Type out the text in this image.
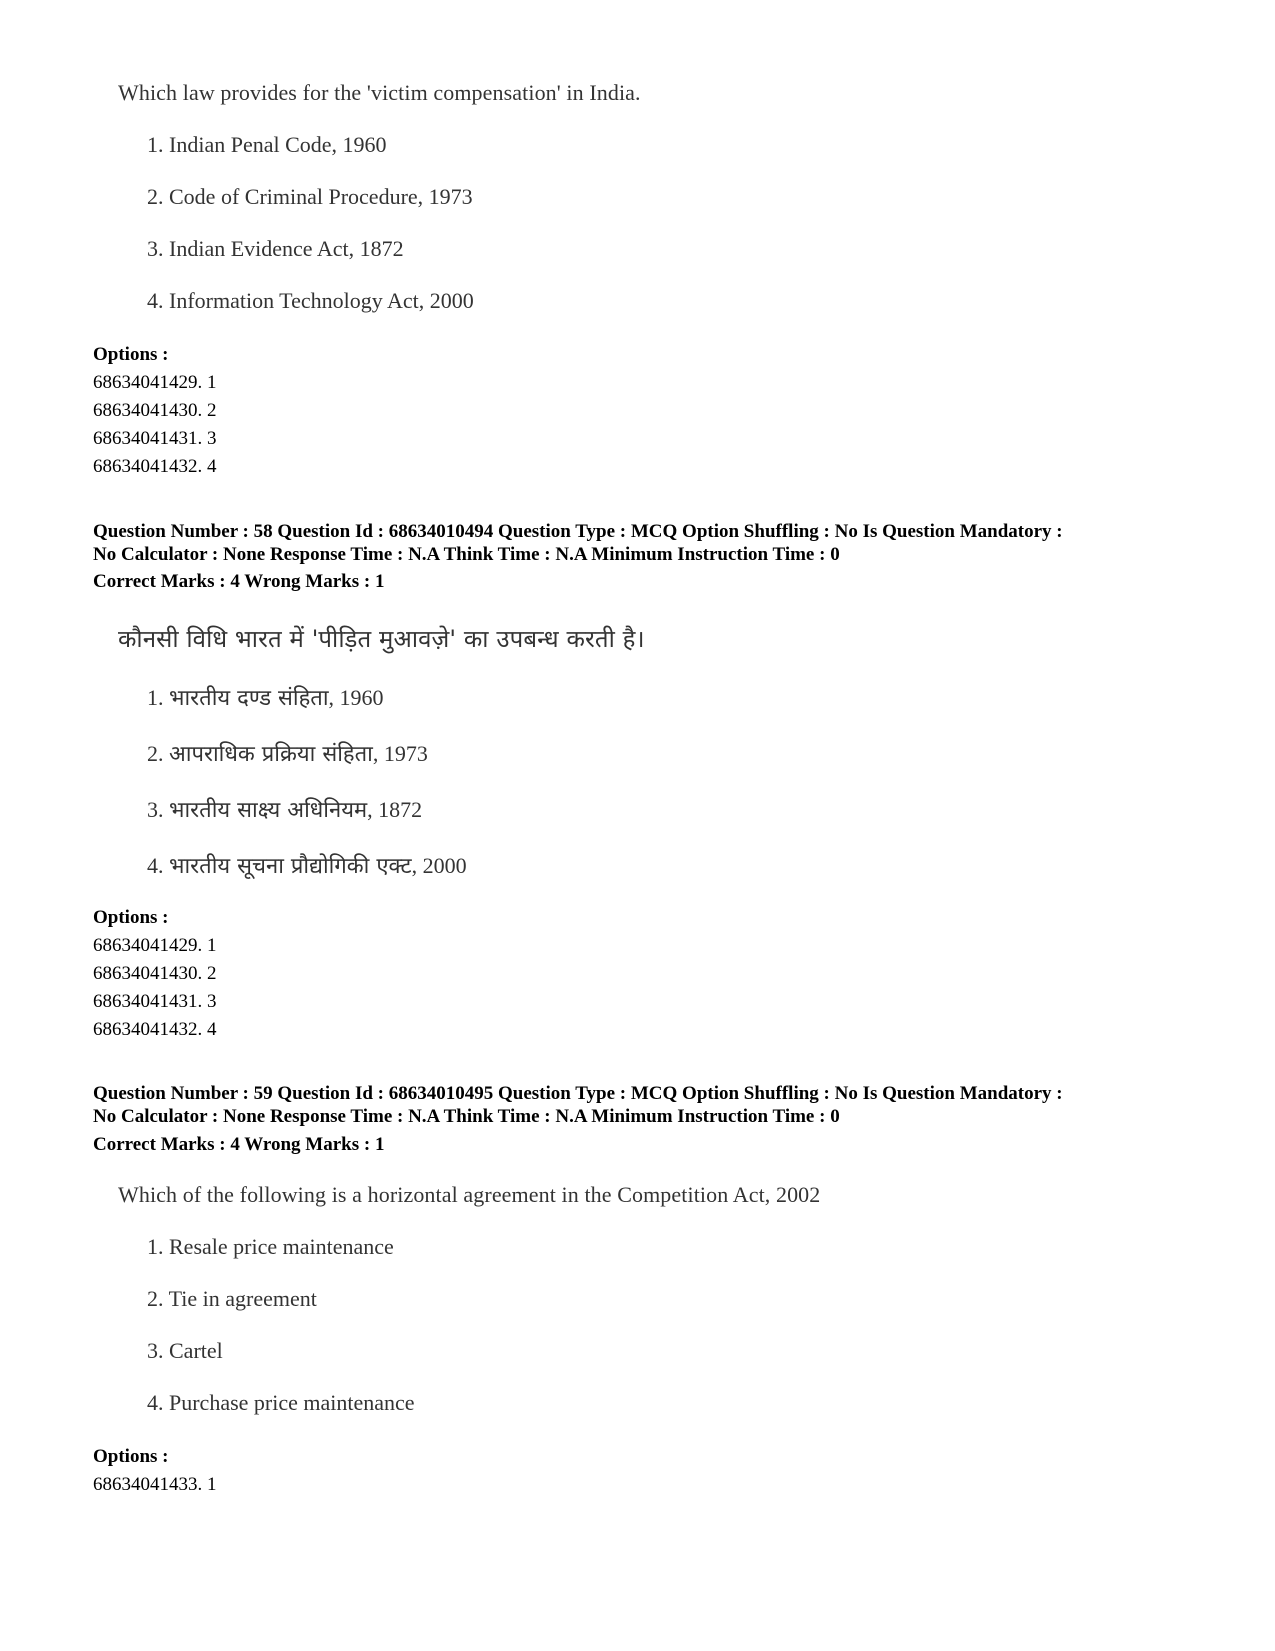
Which law provides for the 'victim compensation' in India.
1. Indian Penal Code, 1960
2. Code of Criminal Procedure, 1973
3. Indian Evidence Act, 1872
4. Information Technology Act, 2000
Options :
68634041429. 1
68634041430. 2
68634041431. 3
68634041432. 4
Question Number : 58 Question Id : 68634010494 Question Type : MCQ Option Shuffling : No Is Question Mandatory :
No Calculator : None Response Time : N.A Think Time : N.A Minimum Instruction Time : 0
Correct Marks : 4 Wrong Marks : 1
कौनसी विधि भारत में 'पीड़ित मुआवज़े' का उपबन्ध करती है।
1. भारतीय दण्ड संहिता, 1960
2. आपराधिक प्रक्रिया संहिता, 1973
3. भारतीय साक्ष्य अधिनियम, 1872
4. भारतीय सूचना प्रौद्योगिकी एक्ट, 2000
Options :
68634041429. 1
68634041430. 2
68634041431. 3
68634041432. 4
Question Number : 59 Question Id : 68634010495 Question Type : MCQ Option Shuffling : No Is Question Mandatory :
No Calculator : None Response Time : N.A Think Time : N.A Minimum Instruction Time : 0
Correct Marks : 4 Wrong Marks : 1
Which of the following is a horizontal agreement in the Competition Act, 2002
1. Resale price maintenance
2. Tie in agreement
3. Cartel
4. Purchase price maintenance
Options :
68634041433. 1
